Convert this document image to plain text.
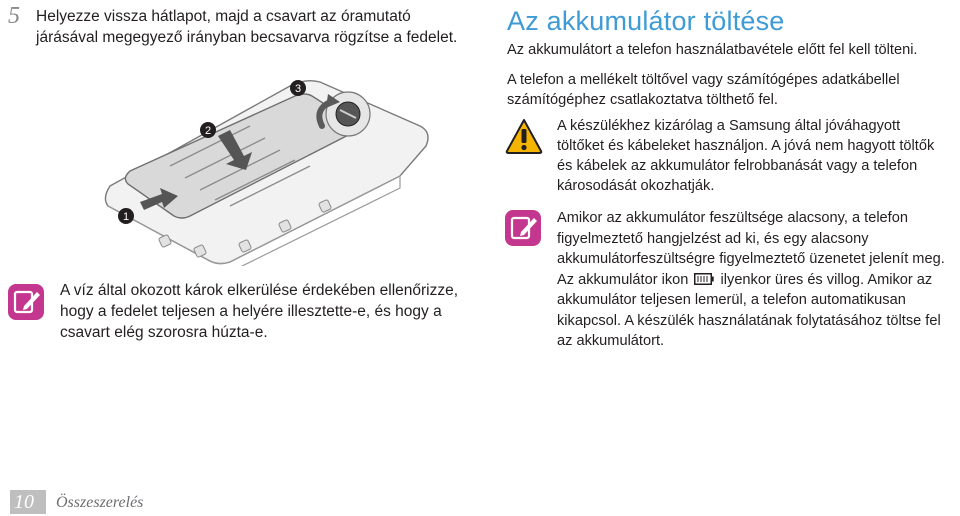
5 Helyezze vissza hátlapot, majd a csavart az óramutató járásával megegyező irányban becsavarva rögzítse a fedelet.
1
2
3
A víz által okozott károk elkerülése érdekében ellenőrizze, hogy a fedelet teljesen a helyére illesztette-e, és hogy a csavart elég szorosra húzta-e.
Az akkumulátor töltése
Az akkumulátort a telefon használatbavétele előtt fel kell tölteni.
A telefon a mellékelt töltővel vagy számítógépes adatkábellel számítógéphez csatlakoztatva tölthető fel.
A készülékhez kizárólag a Samsung által jóváhagyott töltőket és kábeleket használjon. A jóvá nem hagyott töltők és kábelek az akkumulátor felrobbanását vagy a telefon károsodását okozhatják.
Amikor az akkumulátor feszültsége alacsony, a telefon figyelmeztető hangjelzést ad ki, és egy alacsony akkumulátorfeszültségre figyelmeztető üzenetet jelenít meg. Az akkumulátor ikon ilyenkor üres és villog. Amikor az akkumulátor teljesen lemerül, a telefon automatikusan kikapcsol. A készülék használatának folytatásához töltse fel az akkumulátort.
10 Összeszerelés
